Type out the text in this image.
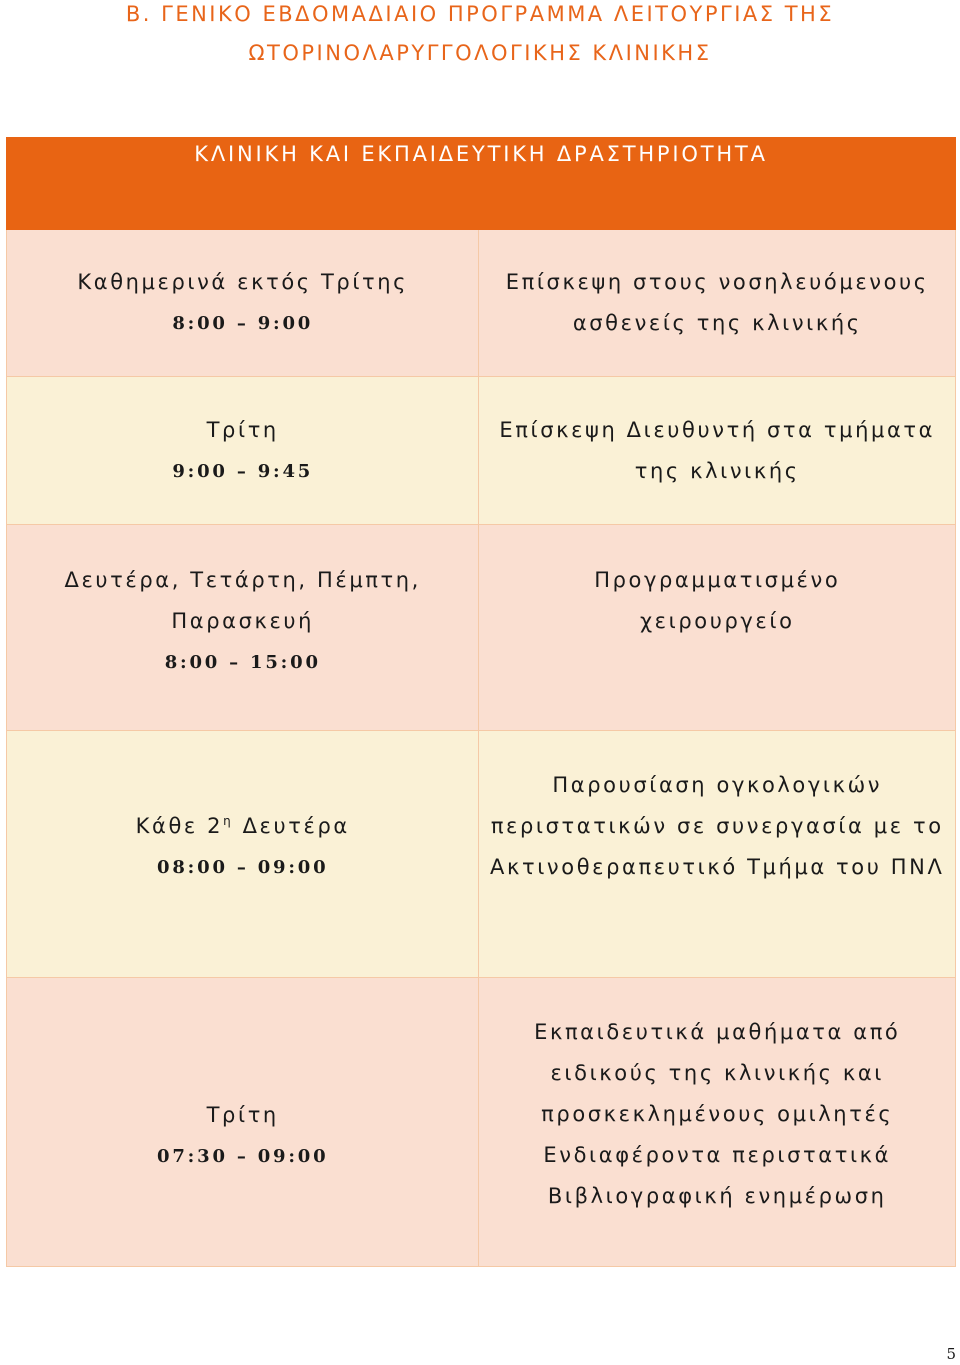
Β. ΓΕΝΙΚΟ ΕΒΔΟΜΑΔΙΑΙΟ ΠΡΟΓΡΑΜΜΑ ΛΕΙΤΟΥΡΓΙΑΣ ΤΗΣ
ΩΤΟΡΙΝΟΛΑΡΥΓΓΟΛΟΓΙΚΗΣ ΚΛΙΝΙΚΗΣ
ΚΛΙΝΙΚΗ ΚΑΙ ΕΚΠΑΙΔΕΥΤΙΚΗ ΔΡΑΣΤΗΡΙΟΤΗΤΑ	

Καθημερινά εκτός Τρίτης
8:00 – 9:00	Επίσκεψη στους νοσηλευόμενους
ασθενείς της κλινικής

Τρίτη
9:00 – 9:45	Επίσκεψη Διευθυντή στα τμήματα
της κλινικής

Δευτέρα, Τετάρτη, Πέμπτη,
Παρασκευή
8:00 – 15:00	Προγραμματισμένο
χειρουργείο

Κάθε $2^\eta$ Δευτέρα
08:00 – 09:00	Παρουσίαση ογκολογικών
περιστατικών σε συνεργασία με το
Ακτινοθεραπευτικό Τμήμα του ΠΝΛ

Τρίτη
07:30 – 09:00	Εκπαιδευτικά μαθήματα από
ειδικούς της κλινικής και
προσκεκλημένους ομιλητές
Ενδιαφέροντα περιστατικά
Βιβλιογραφική ενημέρωση
5
